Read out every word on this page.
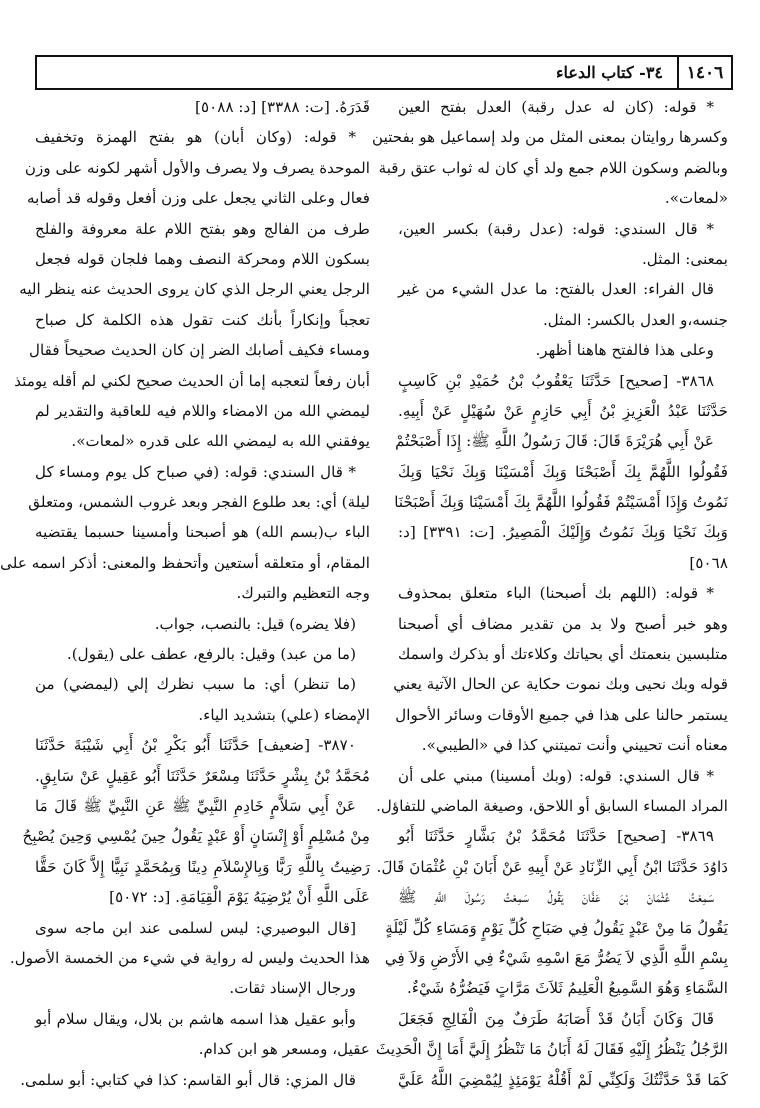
١٤٠٦
٣٤- كتاب الدعاء
* قوله: (كان له عدل رقبة) العدل بفتح العين
وكسرها روايتان بمعنى المثل من ولد إسماعيل هو بفحتين
وبالضم وسكون اللام جمع ولد أي كان له ثواب عتق رقبة
«لمعات».
* قال السندي: قوله: (عدل رقبة) بكسر العين،
بمعنى: المثل.
قال الفراء: العدل بالفتح: ما عدل الشيء من غير
جنسه،و العدل بالكسر: المثل.
وعلى هذا فالفتح هاهنا أظهر.
٣٨٦٨- [صحيح] حَدَّثَنَا يَعْقُوبُ بْنُ حُمَيْدِ بْنِ كَاسِبٍ
حَدَّثَنَا عَبْدُ الْعَزِيزِ بْنُ أَبِي حَازِمٍ عَنْ سُهَيْلٍ عَنْ أَبِيهِ.
عَنْ أَبِي هُرَيْرَةَ قَالَ: قَالَ رَسُولُ اللَّهِ ﷺ: إِذَا أَصْبَحْتُمْ
فَقُولُوا اللَّهُمَّ بِكَ أَصْبَحْنَا وَبِكَ أَمْسَيْنَا وَبِكَ نَحْيَا وَبِكَ
نَمُوتُ وَإِذَا أَمْسَيْتُمْ فَقُولُوا اللَّهُمَّ بِكَ أَمْسَيْنَا وَبِكَ أَصْبَحْنَا
وَبِكَ نَحْيَا وَبِكَ نَمُوتُ وَإِلَيْكَ الْمَصِيرُ. [ت: ٣٣٩١] [د:
٥٠٦٨]
* قوله: (اللهم بك أصبحنا) الباء متعلق بمحذوف
وهو خبر أصبح ولا بد من تقدير مضاف أي أصبحنا
متلبسين بنعمتك أي بحياتك وكلاءتك أو بذكرك واسمك
قوله وبك نحيى وبك نموت حكاية عن الحال الآتية يعني
يستمر حالنا على هذا في جميع الأوقات وسائر الأحوال
معناه أنت تحييني وأنت تميتني كذا في «الطيبي».
* قال السندي: قوله: (وبك أمسينا) مبني على أن
المراد المساء السابق أو اللاحق، وصيغة الماضي للتفاؤل.
٣٨٦٩- [صحيح] حَدَّثَنَا مُحَمَّدُ بْنُ بَشَّارٍ حَدَّثَنَا أَبُو
دَاوُدَ حَدَّثَنَا ابْنُ أَبِي الزِّنَادِ عَنْ أَبِيهِ عَنْ أَبَانَ بْنِ عُثْمَانَ قَالَ.
سَمِعْتُ عُثْمَانَ بْنَ عَفَّانَ يَقُولُ سَمِعْتُ رَسُولَ اللَّهِ ﷺ
يَقُولُ مَا مِنْ عَبْدٍ يَقُولُ فِي صَبَاحِ كُلِّ يَوْمٍ وَمَسَاءِ كُلِّ لَيْلَةٍ
بِسْمِ اللَّهِ الَّذِي لاَ يَضُرُّ مَعَ اسْمِهِ شَيْءٌ فِي الأَرْضِ وَلاَ فِي
السَّمَاءِ وَهُوَ السَّمِيعُ الْعَلِيمُ ثَلاَثَ مَرَّاتٍ فَيَضُرُّهُ شَيْءٌ.
قَالَ وَكَانَ أَبَانُ قَدْ أَصَابَهُ طَرَفٌ مِنَ الْفَالِجِ فَجَعَلَ
الرَّجُلُ يَنْظُرُ إِلَيْهِ فَقَالَ لَهُ أَبَانُ مَا تَنْظُرُ إِلَيَّ أَمَا إِنَّ الْحَدِيثَ
كَمَا قَدْ حَدَّثْتُكَ وَلَكِنِّي لَمْ أَقُلْهُ يَوْمَئِذٍ لِيُمْضِيَ اللَّهُ عَلَيَّ
قَدَرَهُ. [ت: ٣٣٨٨] [د: ٥٠٨٨]
* قوله: (وكان أبان) هو بفتح الهمزة وتخفيف
الموحدة يصرف ولا يصرف والأول أشهر لكونه على وزن
فعال وعلى الثاني يجعل على وزن أفعل وقوله قد أصابه
طرف من الفالج وهو بفتح اللام علة معروفة والفلج
بسكون اللام ومحركة النصف وهما فلجان قوله فجعل
الرجل يعني الرجل الذي كان يروى الحديث عنه ينظر اليه
تعجباً وإنكاراً بأنك كنت تقول هذه الكلمة كل صباح
ومساء فكيف أصابك الضر إن كان الحديث صحيحاً فقال
أبان رفعاً لتعجبه إما أن الحديث صحيح لكني لم أقله يومئذ
ليمضي الله من الامضاء واللام فيه للعاقبة والتقدير لم
يوفقني الله به ليمضي الله على قدره «لمعات».
* قال السندي: قوله: (في صباح كل يوم ومساء كل
ليلة) أي: بعد طلوع الفجر وبعد غروب الشمس، ومتعلق
الباء ب(بسم الله) هو أصبحنا وأمسينا حسبما يقتضيه
المقام، أو متعلقه أستعين وأتحفظ والمعنى: أذكر اسمه على
وجه التعظيم والتبرك.
(فلا يضره) قيل: بالنصب، جواب.
(ما من عبد) وقيل: بالرفع، عطف على (يقول).
(ما تنظر) أي: ما سبب نظرك إلي (ليمضي) من
الإمضاء (علي) بتشديد الياء.
٣٨٧٠- [ضعيف] حَدَّثَنَا أَبُو بَكْرِ بْنُ أَبِي شَيْبَةَ حَدَّثَنَا
مُحَمَّدُ بْنُ بِشْرٍ حَدَّثَنَا مِسْعَرٌ حَدَّثَنَا أَبُو عَقِيلٍ عَنْ سَابِقٍ.
عَنْ أَبِي سَلاَّمٍ خَادِمِ النَّبِيِّ ﷺ عَنِ النَّبِيِّ ﷺ قَالَ مَا
مِنْ مُسْلِمٍ أَوْ إِنْسَانٍ أَوْ عَبْدٍ يَقُولُ حِينَ يُمْسِي وَحِينَ يُصْبِحُ
رَضِيتُ بِاللَّهِ رَبًّا وَبِالإِسْلاَمِ دِينًا وَبِمُحَمَّدٍ نَبِيًّا إِلاَّ كَانَ حَقًّا
عَلَى اللَّهِ أَنْ يُرْضِيَهُ يَوْمَ الْقِيَامَةِ. [د: ٥٠٧٢]
[قال البوصيري: ليس لسلمى عند ابن ماجه سوى
هذا الحديث وليس له رواية في شيء من الخمسة الأصول.
ورجال الإسناد ثقات.
وأبو عقيل هذا اسمه هاشم بن بلال، ويقال سلام أبو
عقيل، ومسعر هو ابن كدام.
قال المزي: قال أبو القاسم: كذا في كتابي: أبو سلمى.
